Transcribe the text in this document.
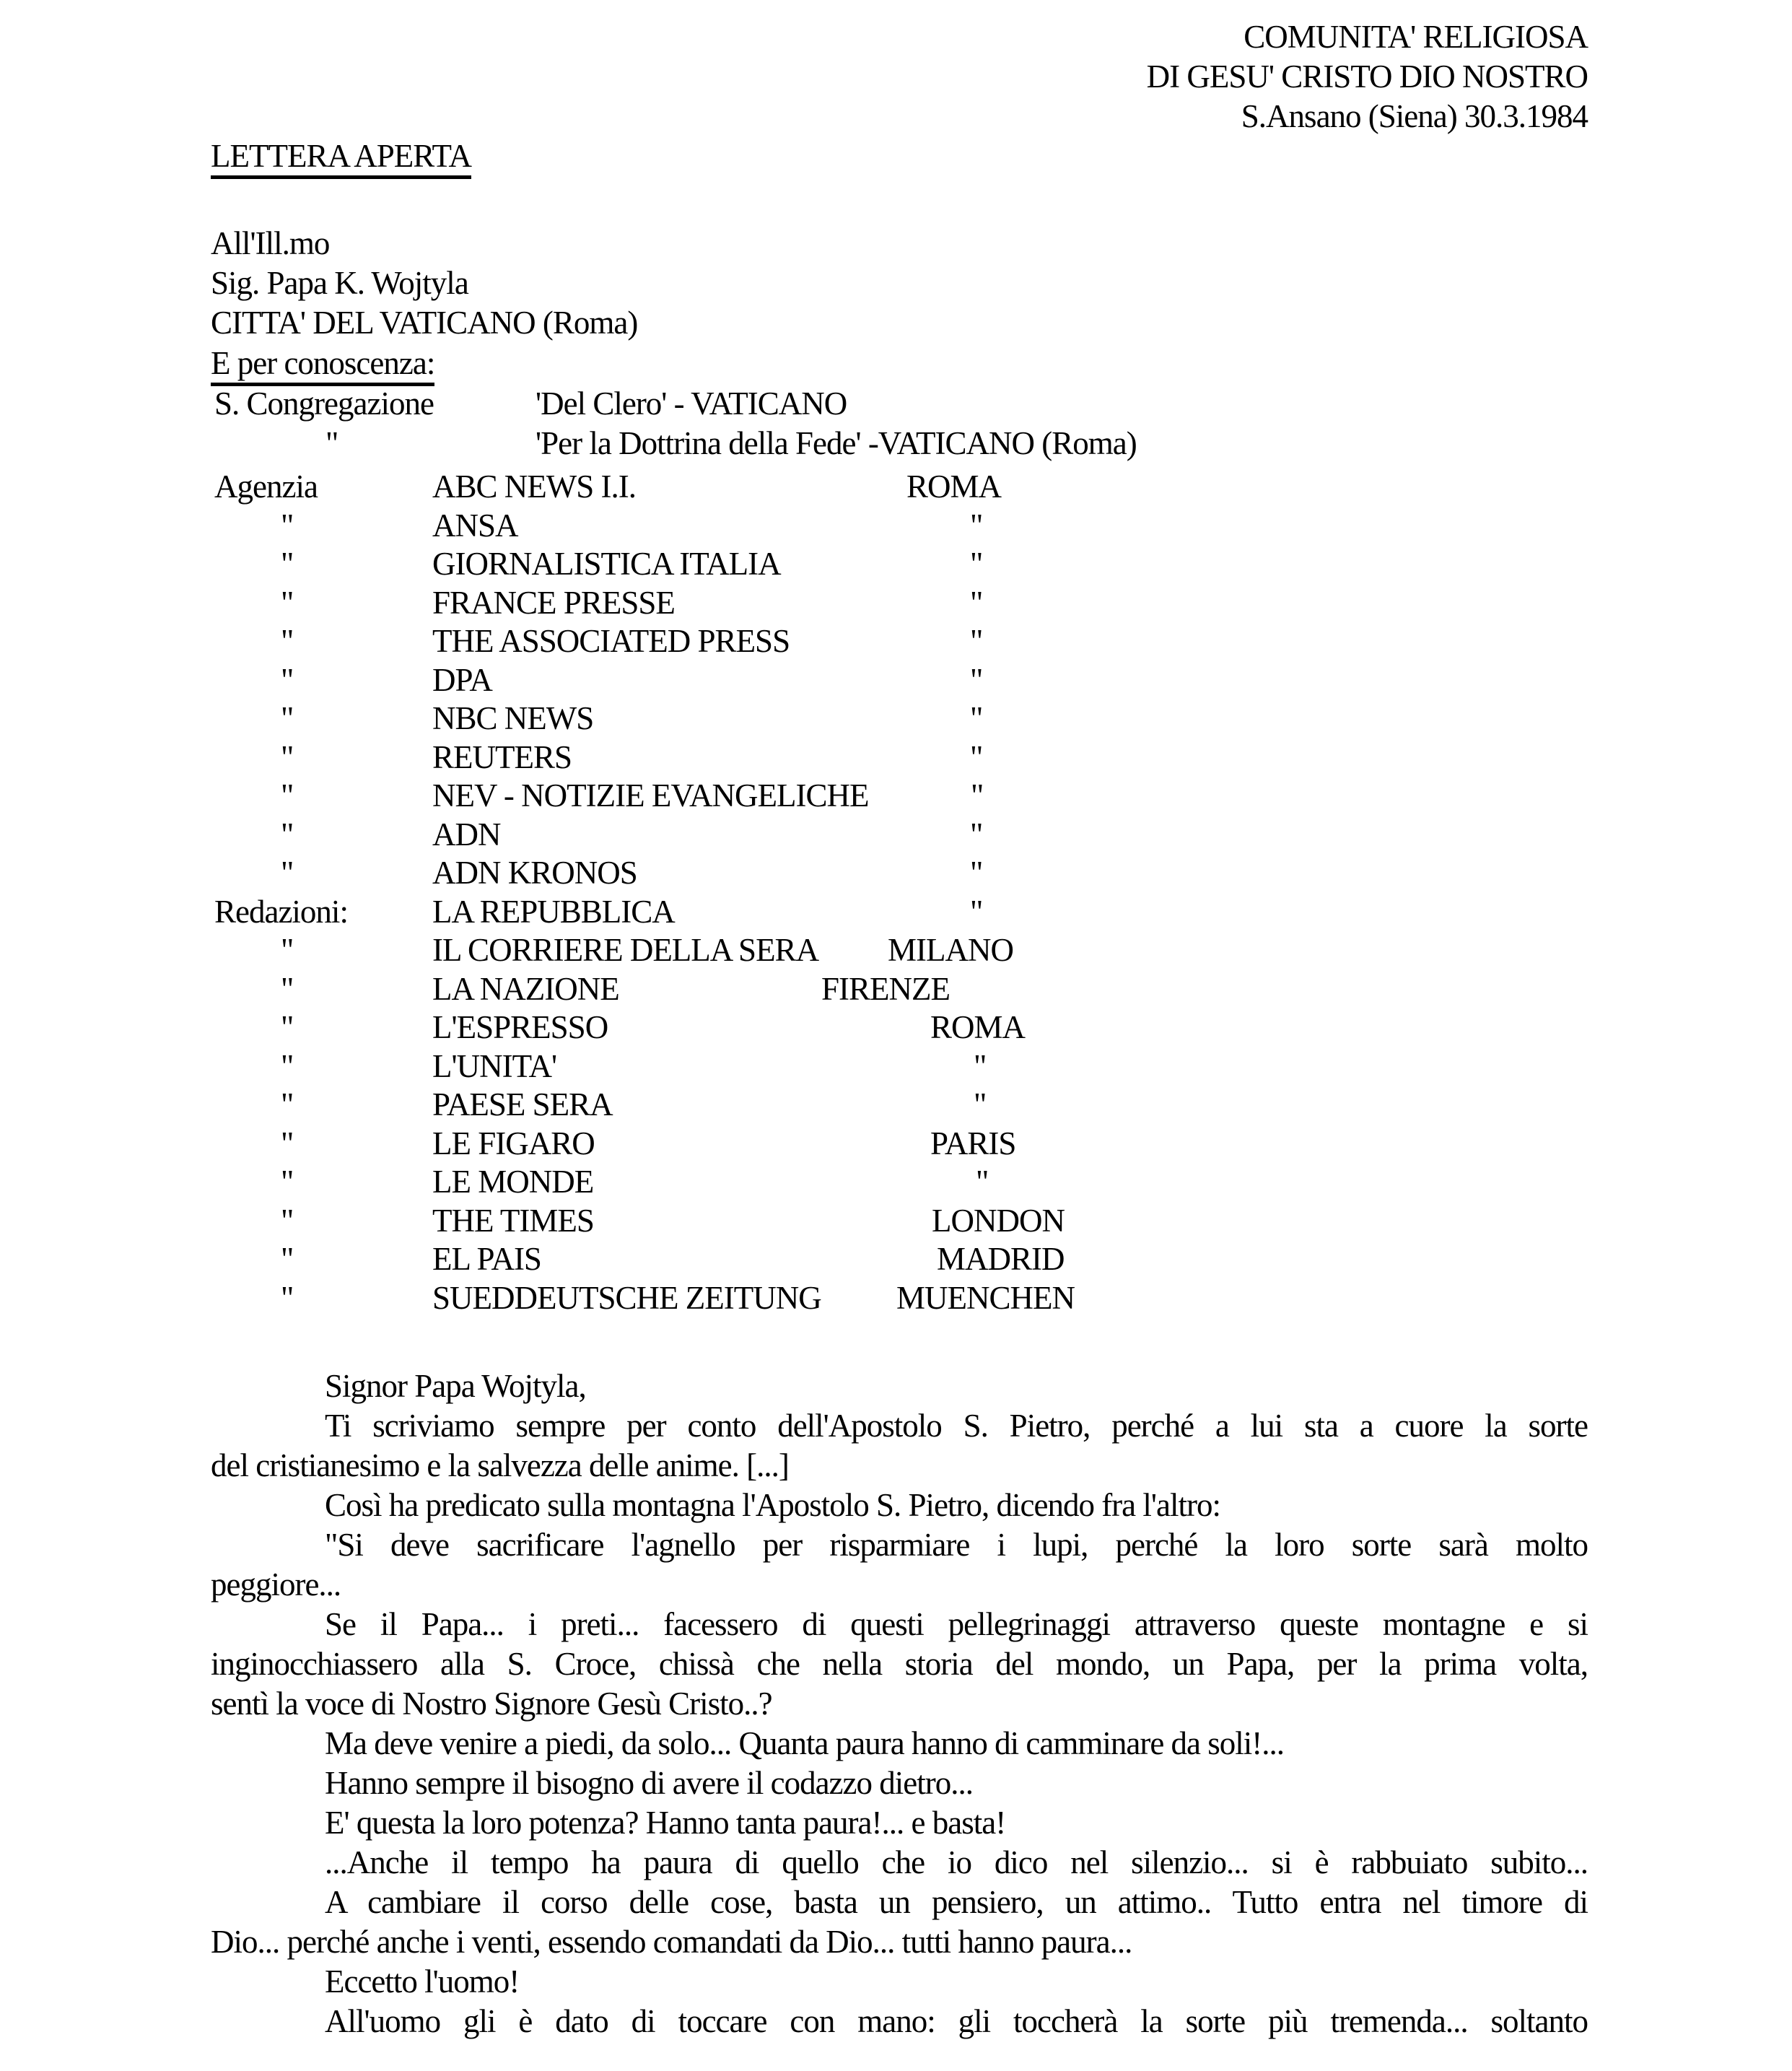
COMUNITA' RELIGIOSA
DI GESU' CRISTO DIO NOSTRO
S.Ansano (Siena) 30.3.1984
LETTERA APERTA
All'Ill.mo
Sig. Papa K. Wojtyla
CITTA' DEL VATICANO (Roma)
E per conoscenza:
S. Congregazione	'Del Clero' - VATICANO
"	'Per la Dottrina della Fede' -VATICANO (Roma)
Agenzia	ABC NEWS I.I.	ROMA
"	ANSA	"
"	GIORNALISTICA ITALIA	"
"	FRANCE PRESSE	"
"	THE ASSOCIATED PRESS	"
"	DPA	"
"	NBC NEWS	"
"	REUTERS	"
"	NEV - NOTIZIE EVANGELICHE	"
"	ADN	"
"	ADN KRONOS	"
Redazioni:	LA REPUBBLICA	"
"	IL CORRIERE DELLA SERA MILANO
"	LA NAZIONE	FIRENZE
"	L'ESPRESSO	ROMA
"	L'UNITA'	"
"	PAESE SERA	"
"	LE FIGARO	PARIS
"	LE MONDE	"
"	THE TIMES	LONDON
"	EL PAIS	MADRID
"	SUEDDEUTSCHE ZEITUNG MUENCHEN
Signor Papa Wojtyla,
Ti scriviamo sempre per conto dell'Apostolo S. Pietro, perché a lui sta a cuore la sorte
del cristianesimo e la salvezza delle anime. [...]
Così ha predicato sulla montagna l'Apostolo S. Pietro, dicendo fra l'altro:
"Si deve sacrificare l'agnello per risparmiare i lupi, perché la loro sorte sarà molto
peggiore...
Se il Papa... i preti... facessero di questi pellegrinaggi attraverso queste montagne e si
inginocchiassero alla S. Croce, chissà che nella storia del mondo, un Papa, per la prima volta,
sentì la voce di Nostro Signore Gesù Cristo..?
Ma deve venire a piedi, da solo... Quanta paura hanno di camminare da soli!...
Hanno sempre il bisogno di avere il codazzo dietro...
E' questa la loro potenza? Hanno tanta paura!... e basta!
...Anche il tempo ha paura di quello che io dico nel silenzio... si è rabbuiato subito...
A cambiare il corso delle cose, basta un pensiero, un attimo.. Tutto entra nel timore di
Dio... perché anche i venti, essendo comandati da Dio... tutti hanno paura...
Eccetto l'uomo!
All'uomo gli è dato di toccare con mano: gli toccherà la sorte più tremenda... soltanto
